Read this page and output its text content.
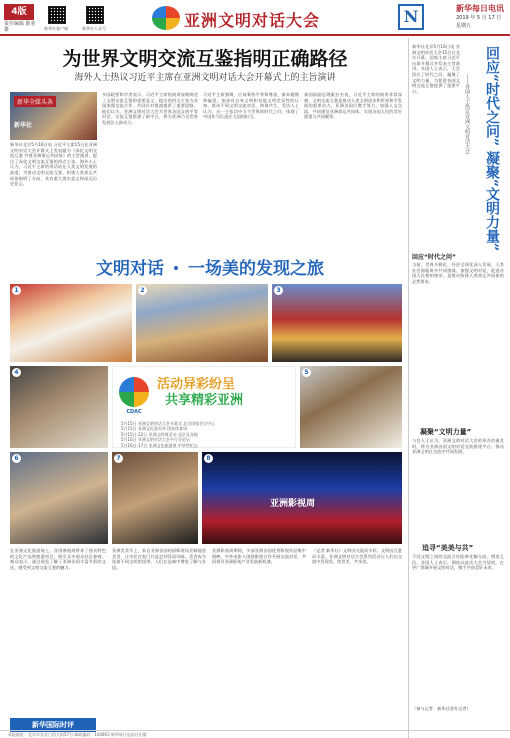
4版
责任编辑 陈亚雄	新华社客户端	新华社公众号	亚洲文明对话大会	N	新华每日电讯
2019 年 5 月 17 日
星期五
为世界文明交流互鉴指明正确路径
海外人士热议习近平主席在亚洲文明对话大会开幕式上的主旨演讲
新华全媒头条
新华社
新华社北京5月16日电 习近平主席15日在亚洲文明对话大会开幕式上发表题为《深化文明交流互鉴 共建亚洲命运共同体》的主旨演讲，提出了深化文明交流互鉴的四点主张。海外人士认为，习近平主席的讲话站在人类文明发展的高度，为推动文明交流互鉴、构建人类命运共同体指明了方向，具有重大现实意义和深远历史意义。
多国政要和学者表示，习近平主席的演讲深刻阐述了文明交流互鉴的重要意义，提出的四点主张为各国加强交流合作、共同应对挑战提供了重要思路。他们认为，亚洲文明对话大会为世界各国文明平等对话、交流互鉴搭建了新平台，将为亚洲乃至世界发展注入新动力。
习近平主席强调，应该秉持平等和尊重，摒弃傲慢和偏见，加深对自身文明和其他文明差异性的认知，推动不同文明交流对话、和谐共生。受访人士认为，这一主张切中当今世界的时代之问，体现了中国作为负责任大国的担当。
泰国前副总理素拉杰说，习近平主席的演讲非常深刻，文明交流互鉴是推动人类文明进步和世界和平发展的重要动力。亚洲各国应携手努力，加强人文交流，共同建设亚洲命运共同体，实现各国人民的美好愿望与共同繁荣。
文明对话 一场美的发现之旅
亚洲影视周
1	2	3
4	5
6	7	8
CDAC
活动异彩纷呈
共享精彩亚洲
5月15日 亚洲文明对话大会开幕式 北京国家会议中心
5月15日 亚洲文化嘉年华 国家体育场
5月15日-22日 亚洲文明周活动 北京及各地
5月16日 亚洲文明对话大会平行分论坛
5月16日-17日 亚洲文化旅游展 中华世纪坛
在亚洲文化旅游展上，各国参展商带来了独具特色的文化产品和旅游项目，吸引众多观众驻足参观。观众表示，通过展览了解了亚洲各国丰富多彩的文化，感受到文明交流互鉴的魅力。
亚洲美食节上，来自亚洲各国的厨师现场烹制地道美食，让市民在家门口品尝到异国风味。美食成为连接不同文明的纽带，人们在品味中增进了解与友谊。
亚洲影视周期间，多部亚洲各国优秀影视作品集中展映，中外电影人围绕影视合作开展交流对话，共同探讨亚洲影视产业发展新机遇。
（记者 新华社）文明因交流而多彩，文明因互鉴而丰富。亚洲文明对话大会系列活动让人们在交流中发现美、欣赏美、共享美。
新华国际时评
回应“时代之问” 凝聚“文明力量”
——各国人士热议亚洲文明对话大会
新华社北京5月16日电 亚洲文明对话大会15日在北京开幕。国家主席习近平出席开幕式并发表主旨演讲。多国人士表示，大会回应了时代之问，凝聚了文明力量，为促进各国文明交流互鉴提供了重要平台。
回应“时代之问”
当前，世界多极化、经济全球化深入发展，人类社会面临诸多共同挑战。加强文明对话，促进各国人民相知相亲，是推动构建人类命运共同体的必然要求。
凝聚“文明力量”
与会人士认为，亚洲文明对话大会的举办恰逢其时，将为亚洲各国文明对话交流搭建平台，推动亚洲文明在交流中共同发展。
追寻“美美与共”
不同文明之间的交流合作能够化解分歧、增进互信。各国人士表示，期待以此次大会为契机，在更广领域开展文明对话，携手共创美好未来。
（参与记者：新华社驻外记者）
本报地址：北京市宣武门西大街57号 邮政编码：100803 新华每日电讯社出版
